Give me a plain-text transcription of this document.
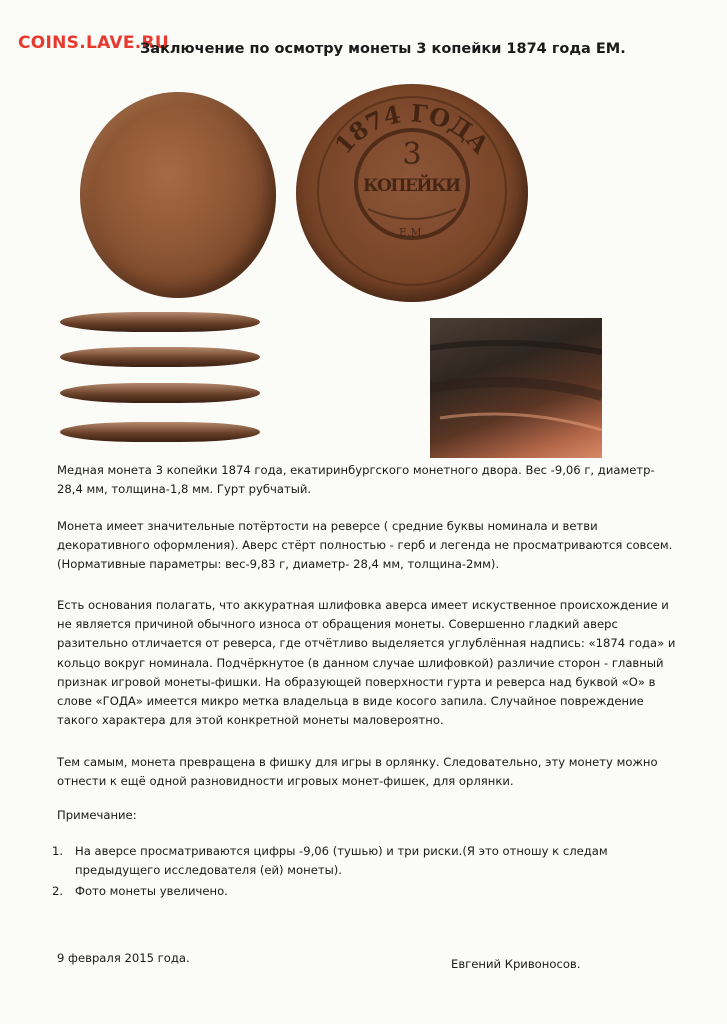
COINS.LAVE.RU
Заключение по осмотру монеты 3 копейки 1874 года ЕМ.
1874 ГОДА
3
КОПЕЙКИ
Е.М.
Медная монета 3 копейки 1874 года, екатиринбургского монетного двора. Вес -9,06 г, диаметр-
28,4 мм, толщина-1,8 мм. Гурт рубчатый.
Монета имеет значительные потёртости на реверсе ( средние буквы номинала и ветви
декоративного оформления). Аверс стёрт полностью - герб и легенда не просматриваются совсем.
(Нормативные параметры: вес-9,83 г, диаметр- 28,4 мм, толщина-2мм).
Есть основания полагать, что аккуратная шлифовка аверса имеет искуственное происхождение и
не является причиной обычного износа от обращения монеты. Совершенно гладкий аверс
разительно отличается от реверса, где отчётливо выделяется углублённая надпись: «1874 года» и
кольцо вокруг номинала. Подчёркнутое (в данном случае шлифовкой) различие сторон - главный
признак игровой монеты-фишки. На образующей поверхности гурта и реверса над буквой «О» в
слове «ГОДА» имеется микро метка владельца в виде косого запила. Случайное повреждение
такого характера для этой конкретной монеты маловероятно.
Тем самым, монета превращена в фишку для игры в орлянку. Следовательно, эту монету можно
отнести к ещё одной разновидности игровых монет-фишек, для орлянки.
Примечание:
1. На аверсе просматриваются цифры -9,06 (тушью) и три риски.(Я это отношу к следам
предыдущего исследователя (ей) монеты).
2. Фото монеты увеличено.
9 февраля 2015 года.	Евгений Кривоносов.
